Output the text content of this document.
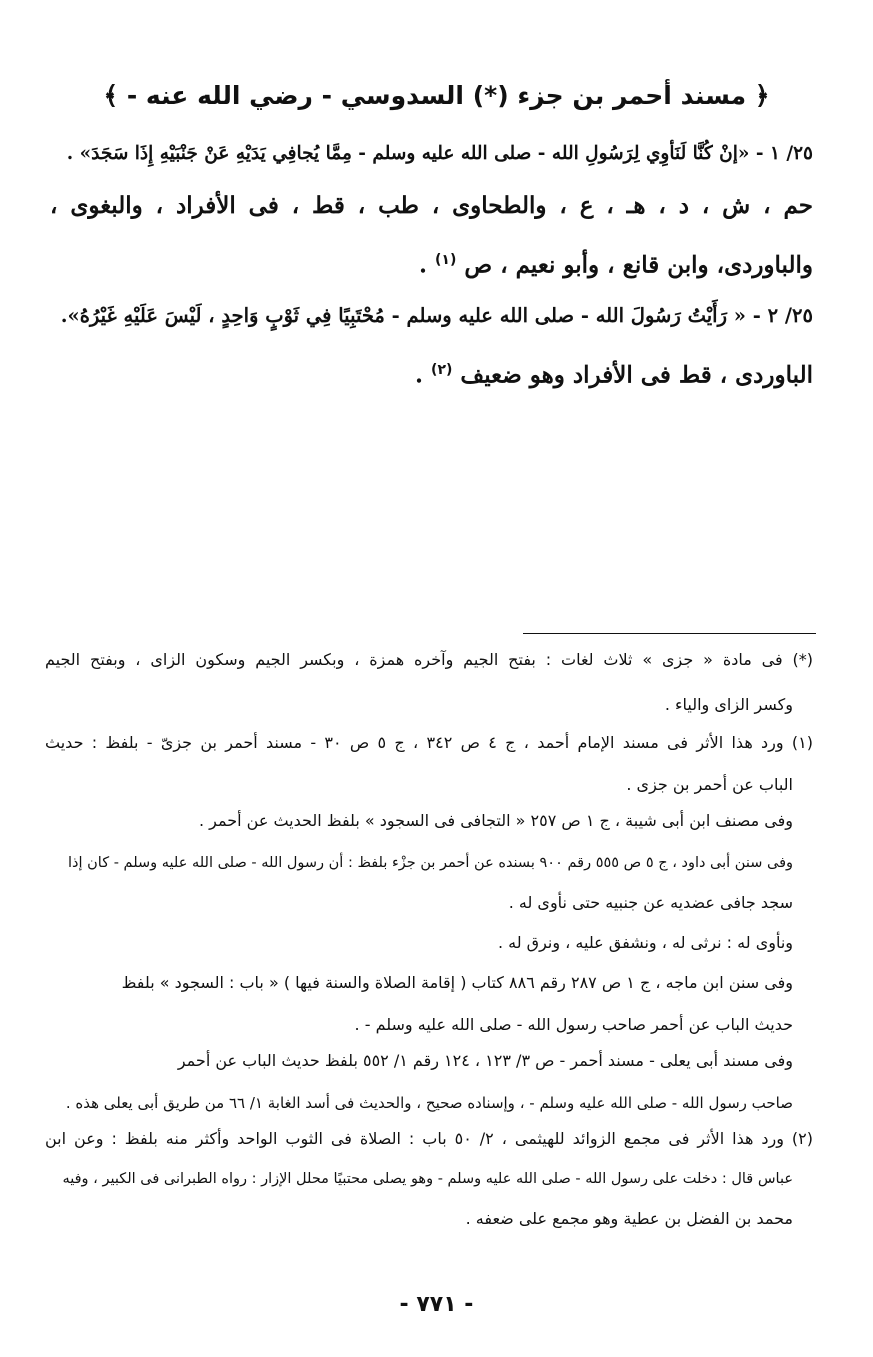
﴿ مسند أحمر بن جزء (*) السدوسي - رضي الله عنه - ﴾
٢٥/ ١ - «إنْ كُنَّا لَنَأوِي لِرَسُولِ الله - صلى الله عليه وسلم - مِمَّا يُجافِي يَدَيْهِ عَنْ جَنْبَيْهِ إِذَا سَجَدَ» .
حم ، ش ، د ، هـ ، ع ، والطحاوى ، طب ، قط ، فى الأفراد ، والبغوى ،
والباوردى، وابن قانع ، وأبو نعيم ، ص $^{(١)}$ .
٢٥/ ٢ - « رَأَيْتُ رَسُولَ الله - صلى الله عليه وسلم - مُحْتَبِيًا فِي ثَوْبٍ وَاحِدٍ ، لَيْسَ عَلَيْهِ غَيْرُهُ».
الباوردى ، قط فى الأفراد وهو ضعيف $^{(٢)}$ .
(*) فى مادة « جزى » ثلاث لغات : بفتح الجيم وآخره همزة ، وبكسر الجيم وسكون الزاى ، وبفتح الجيم
وكسر الزاى والياء .
(١) ورد هذا الأثر فى مسند الإمام أحمد ، ج ٤ ص ٣٤٢ ، ج ٥ ص ٣٠ - مسند أحمر بن جزىّ - بلفظ : حديث
الباب عن أحمر بن جزى .
وفى مصنف ابن أبى شيبة ، ج ١ ص ٢٥٧ « التجافى فى السجود » بلفظ الحديث عن أحمر .
وفى سنن أبى داود ، ج ٥ ص ٥٥٥ رقم ٩٠٠ بسنده عن أحمر بن جزْء بلفظ : أن رسول الله - صلى الله عليه وسلم - كان إذا
سجد جافى عضديه عن جنبيه حتى نأوى له .
ونأوى له : نرثى له ، ونشفق عليه ، ونرق له .
وفى سنن ابن ماجه ، ج ١ ص ٢٨٧ رقم ٨٨٦ كتاب ( إقامة الصلاة والسنة فيها ) « باب : السجود » بلفظ
حديث الباب عن أحمر صاحب رسول الله - صلى الله عليه وسلم - .
وفى مسند أبى يعلى - مسند أحمر - ص ٣/ ١٢٣ ، ١٢٤ رقم ١/ ٥٥٢ بلفظ حديث الباب عن أحمر
صاحب رسول الله - صلى الله عليه وسلم - ، وإسناده صحيح ، والحديث فى أسد الغابة ١/ ٦٦ من طريق أبى يعلى هذه .
(٢) ورد هذا الأثر فى مجمع الزوائد للهيثمى ، ٢/ ٥٠ باب : الصلاة فى الثوب الواحد وأكثر منه بلفظ : وعن ابن
عباس قال : دخلت على رسول الله - صلى الله عليه وسلم - وهو يصلى محتبيًا محلل الإزار : رواه الطبرانى فى الكبير ، وفيه
محمد بن الفضل بن عطية وهو مجمع على ضعفه .
- ٧٧١ -
